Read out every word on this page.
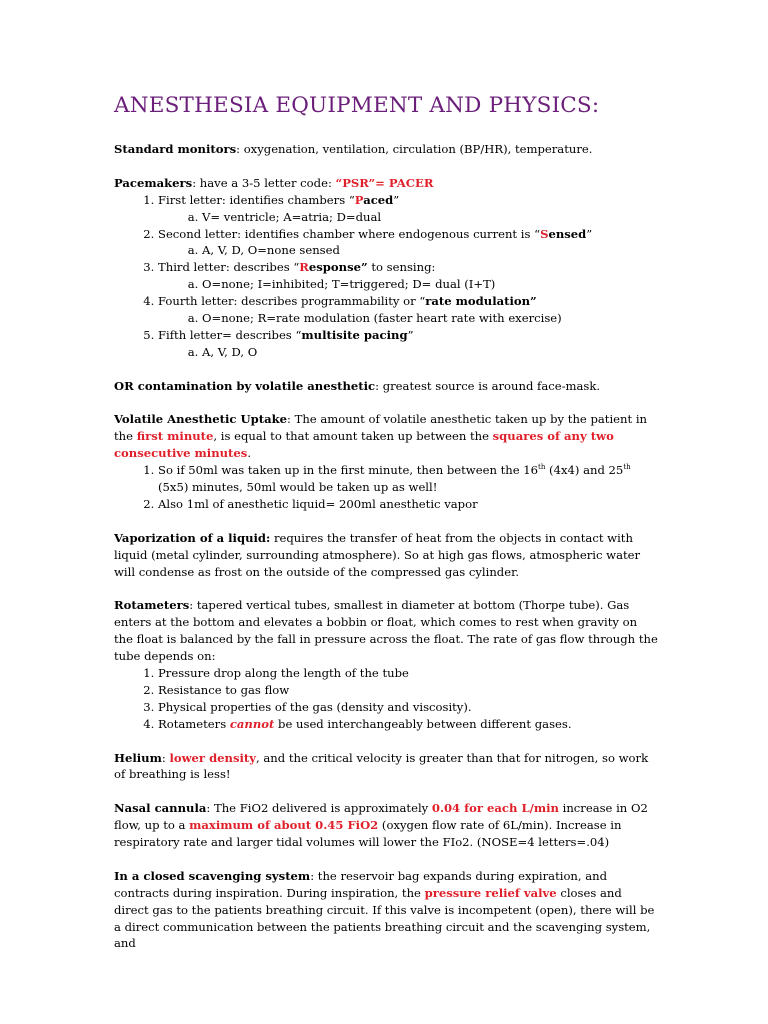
ANESTHESIA EQUIPMENT AND PHYSICS:

Standard monitors: oxygenation, ventilation, circulation (BP/HR), temperature.

Pacemakers: have a 3-5 letter code: “PSR”= PACER
1. First letter: identifies chambers “Paced”
a. V= ventricle; A=atria; D=dual
2. Second letter: identifies chamber where endogenous current is “Sensed”
a. A, V, D, O=none sensed
3. Third letter: describes “Response” to sensing:
a. O=none; I=inhibited; T=triggered; D= dual (I+T)
4. Fourth letter: describes programmability or “rate modulation”
a. O=none; R=rate modulation (faster heart rate with exercise)
5. Fifth letter= describes “multisite pacing”
a. A, V, D, O

OR contamination by volatile anesthetic: greatest source is around face-mask.

Volatile Anesthetic Uptake: The amount of volatile anesthetic taken up by the patient in the first minute, is equal to that amount taken up between the squares of any two consecutive minutes.
1. So if 50ml was taken up in the first minute, then between the 16th (4x4) and 25th (5x5) minutes, 50ml would be taken up as well!
2. Also 1ml of anesthetic liquid= 200ml anesthetic vapor

Vaporization of a liquid: requires the transfer of heat from the objects in contact with liquid (metal cylinder, surrounding atmosphere). So at high gas flows, atmospheric water will condense as frost on the outside of the compressed gas cylinder.

Rotameters: tapered vertical tubes, smallest in diameter at bottom (Thorpe tube). Gas enters at the bottom and elevates a bobbin or float, which comes to rest when gravity on the float is balanced by the fall in pressure across the float. The rate of gas flow through the tube depends on:
1. Pressure drop along the length of the tube
2. Resistance to gas flow
3. Physical properties of the gas (density and viscosity).
4. Rotameters cannot be used interchangeably between different gases.

Helium: lower density, and the critical velocity is greater than that for nitrogen, so work of breathing is less!

Nasal cannula: The FiO2 delivered is approximately 0.04 for each L/min increase in O2 flow, up to a maximum of about 0.45 FiO2 (oxygen flow rate of 6L/min). Increase in respiratory rate and larger tidal volumes will lower the FIo2. (NOSE=4 letters=.04)

In a closed scavenging system: the reservoir bag expands during expiration, and contracts during inspiration. During inspiration, the pressure relief valve closes and direct gas to the patients breathing circuit. If this valve is incompetent (open), there will be a direct communication between the patients breathing circuit and the scavenging system, and
